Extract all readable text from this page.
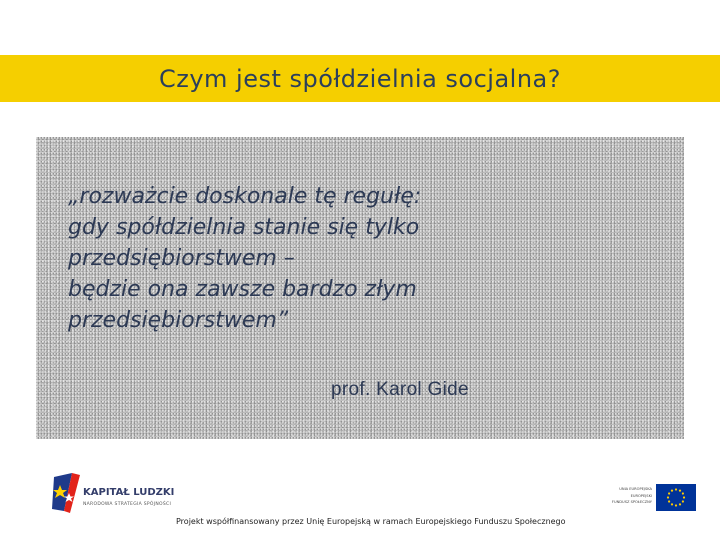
Czym jest spółdzielnia socjalna?

„rozważcie doskonale tę regułę:
gdy spółdzielnia stanie się tylko
przedsiębiorstwem –
będzie ona zawsze bardzo złym
przedsiębiorstwem”

prof. Karol Gide
KAPITAŁ LUDZKI
NARODOWA STRATEGIA SPÓJNOŚCI
UNIA EUROPEJSKA
EUROPEJSKI
FUNDUSZ SPOŁECZNY
Projekt współfinansowany przez Unię Europejską w ramach Europejskiego Funduszu Społecznego
